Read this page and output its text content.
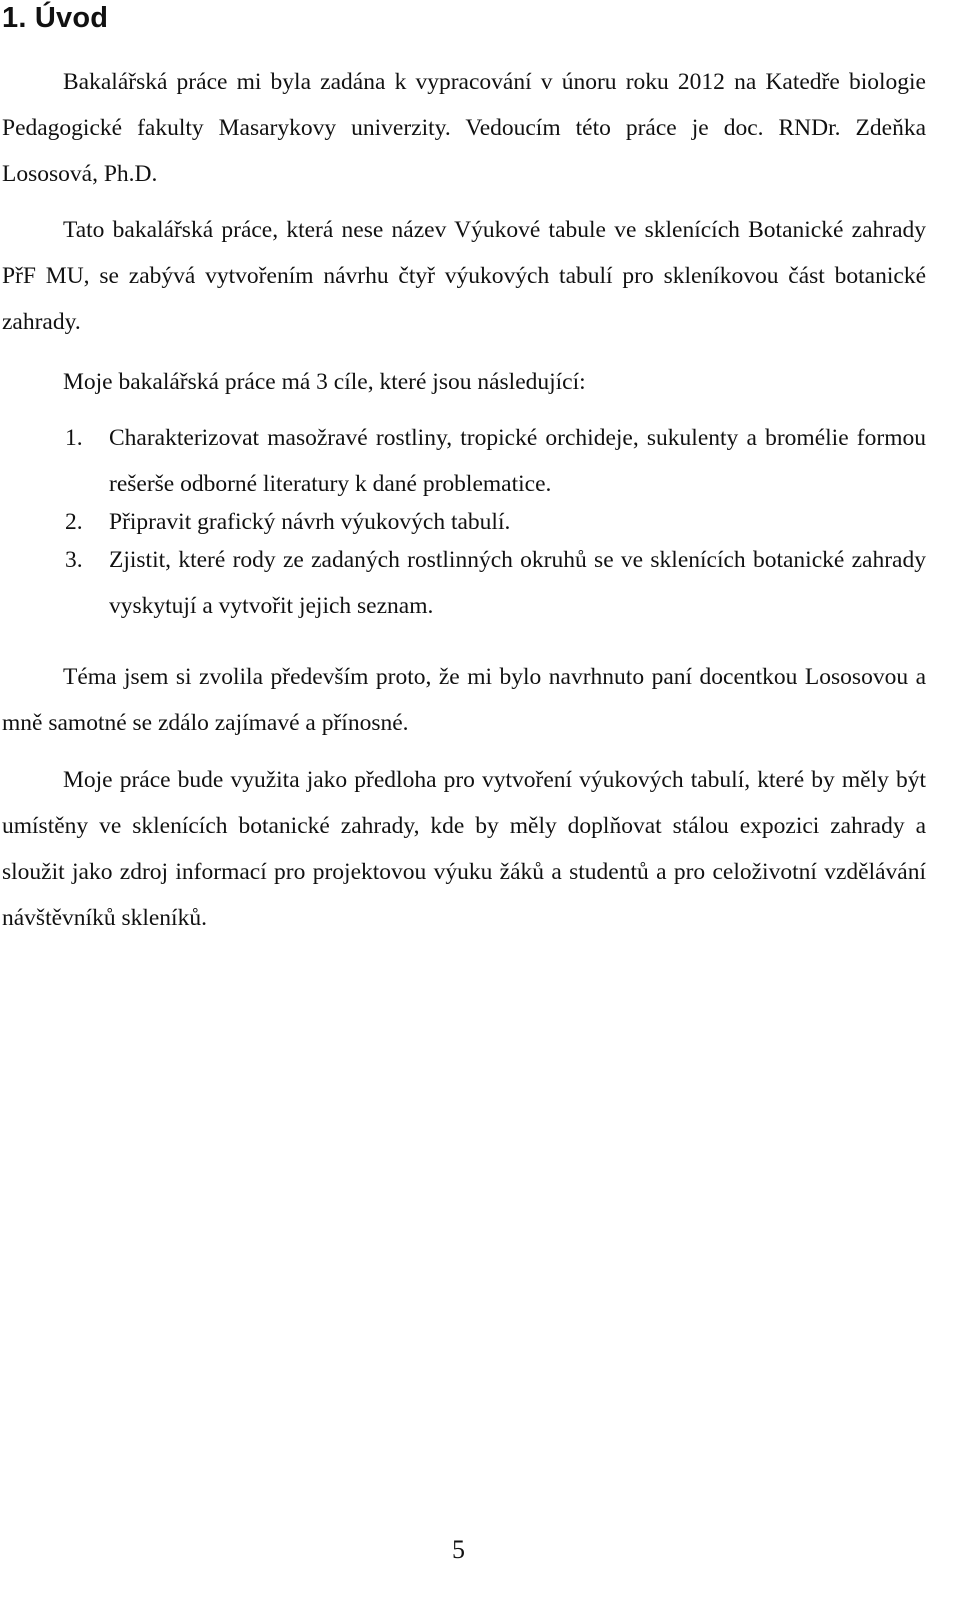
1. Úvod

Bakalářská práce mi byla zadána k vypracování v únoru roku 2012 na Katedře biologie Pedagogické fakulty Masarykovy univerzity. Vedoucím této práce je doc. RNDr. Zdeňka Lososová, Ph.D.

Tato bakalářská práce, která nese název Výukové tabule ve sklenících Botanické zahrady PřF MU, se zabývá vytvořením návrhu čtyř výukových tabulí pro skleníkovou část botanické zahrady.

Moje bakalářská práce má 3 cíle, které jsou následující:

1. Charakterizovat masožravé rostliny, tropické orchideje, sukulenty a bromélie formou rešerše odborné literatury k dané problematice.
2. Připravit grafický návrh výukových tabulí.
3. Zjistit, které rody ze zadaných rostlinných okruhů se ve sklenících botanické zahrady vyskytují a vytvořit jejich seznam.

Téma jsem si zvolila především proto, že mi bylo navrhnuto paní docentkou Lososovou a mně samotné se zdálo zajímavé a přínosné.

Moje práce bude využita jako předloha pro vytvoření výukových tabulí, které by měly být umístěny ve sklenících botanické zahrady, kde by měly doplňovat stálou expozici zahrady a sloužit jako zdroj informací pro projektovou výuku žáků a studentů a pro celoživotní vzdělávání návštěvníků skleníků.

5
